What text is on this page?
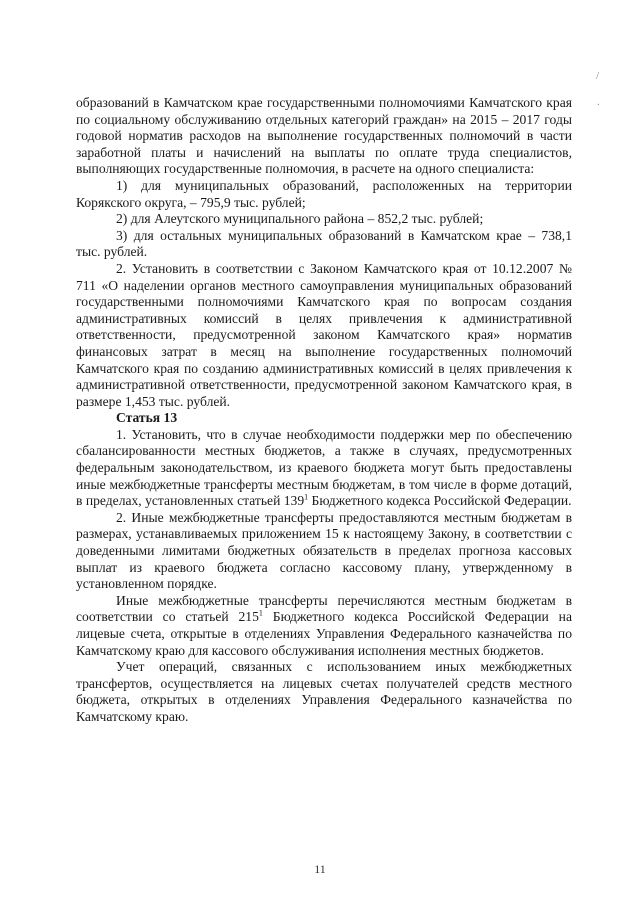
/
.

образований в Камчатском крае государственными полномочиями Камчатского края по социальному обслуживанию отдельных категорий граждан» на 2015 – 2017 годы годовой норматив расходов на выполнение государственных полномочий в части заработной платы и начислений на выплаты по оплате труда специалистов, выполняющих государственные полномочия, в расчете на одного специалиста:

1) для муниципальных образований, расположенных на территории Корякского округа, – 795,9 тыс. рублей;

2) для Алеутского муниципального района – 852,2 тыс. рублей;

3) для остальных муниципальных образований в Камчатском крае – 738,1 тыс. рублей.

2. Установить в соответствии с Законом Камчатского края от 10.12.2007 № 711 «О наделении органов местного самоуправления муниципальных образований государственными полномочиями Камчатского края по вопросам создания административных комиссий в целях привлечения к административной ответственности, предусмотренной законом Камчатского края» норматив финансовых затрат в месяц на выполнение государственных полномочий Камчатского края по созданию административных комиссий в целях привлечения к административной ответственности, предусмотренной законом Камчатского края, в размере 1,453 тыс. рублей.

Статья 13

1. Установить, что в случае необходимости поддержки мер по обеспечению сбалансированности местных бюджетов, а также в случаях, предусмотренных федеральным законодательством, из краевого бюджета могут быть предоставлены иные межбюджетные трансферты местным бюджетам, в том числе в форме дотаций, в пределах, установленных статьей $139^1$ Бюджетного кодекса Российской Федерации.

2. Иные межбюджетные трансферты предоставляются местным бюджетам в размерах, устанавливаемых приложением 15 к настоящему Закону, в соответствии с доведенными лимитами бюджетных обязательств в пределах прогноза кассовых выплат из краевого бюджета согласно кассовому плану, утвержденному в установленном порядке.

Иные межбюджетные трансферты перечисляются местным бюджетам в соответствии со статьей $215^1$ Бюджетного кодекса Российской Федерации на лицевые счета, открытые в отделениях Управления Федерального казначейства по Камчатскому краю для кассового обслуживания исполнения местных бюджетов.

Учет операций, связанных с использованием иных межбюджетных трансфертов, осуществляется на лицевых счетах получателей средств местного бюджета, открытых в отделениях Управления Федерального казначейства по Камчатскому краю.

11
